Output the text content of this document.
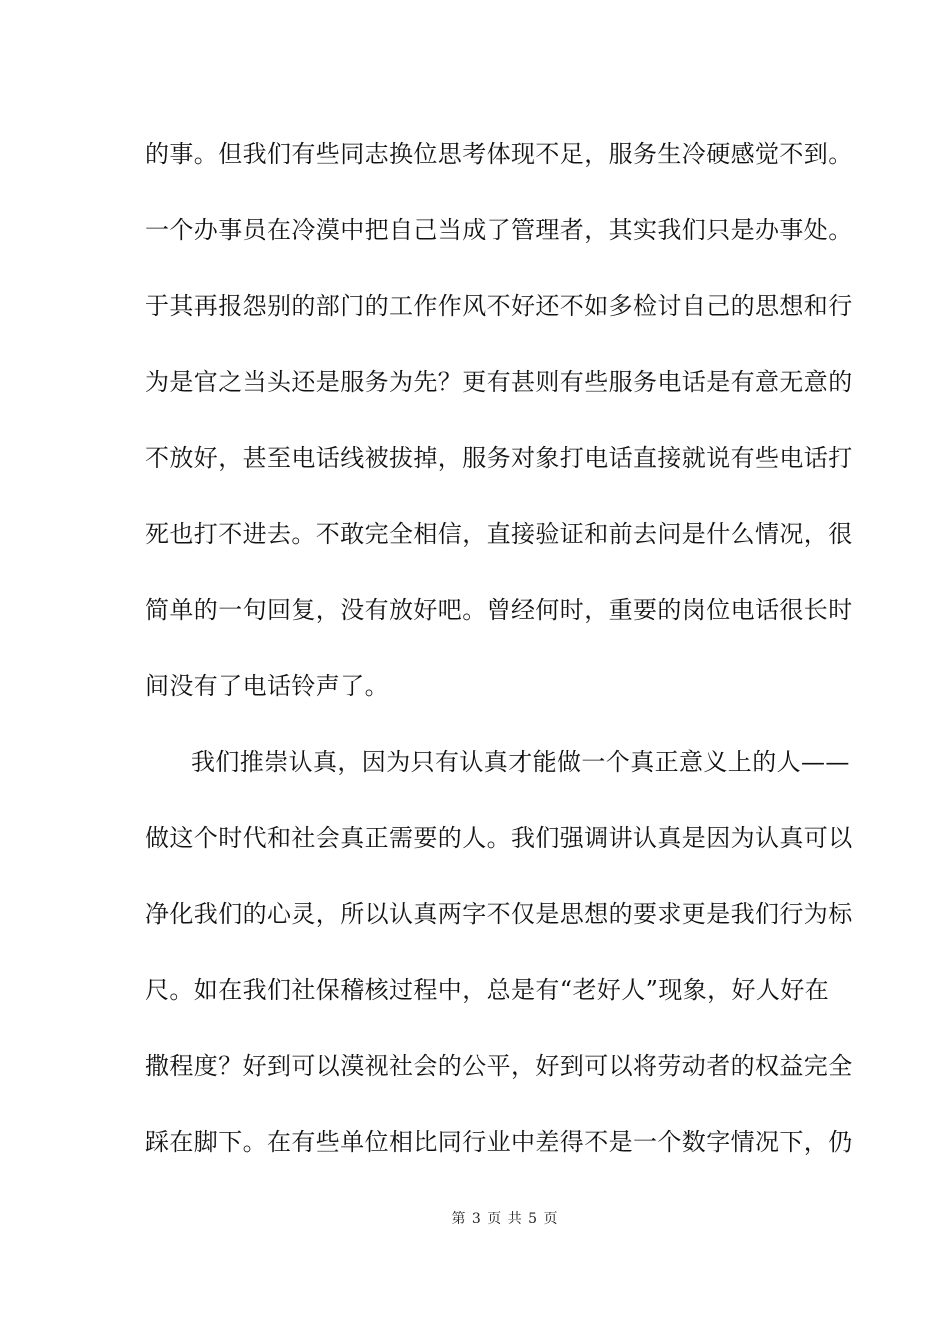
的事。但我们有些同志换位思考体现不足，服务生冷硬感觉不到。
一个办事员在冷漠中把自己当成了管理者，其实我们只是办事处。
于其再报怨别的部门的工作作风不好还不如多检讨自己的思想和行
为是官之当头还是服务为先？更有甚则有些服务电话是有意无意的
不放好，甚至电话线被拔掉，服务对象打电话直接就说有些电话打
死也打不进去。不敢完全相信，直接验证和前去问是什么情况，很
简单的一句回复，没有放好吧。曾经何时，重要的岗位电话很长时
间没有了电话铃声了。
我们推崇认真，因为只有认真才能做一个真正意义上的人——
做这个时代和社会真正需要的人。我们强调讲认真是因为认真可以
净化我们的心灵，所以认真两字不仅是思想的要求更是我们行为标
尺。如在我们社保稽核过程中，总是有“老好人”现象，好人好在
撒程度？好到可以漠视社会的公平，好到可以将劳动者的权益完全
踩在脚下。在有些单位相比同行业中差得不是一个数字情况下，仍
第 3 页 共 5 页
